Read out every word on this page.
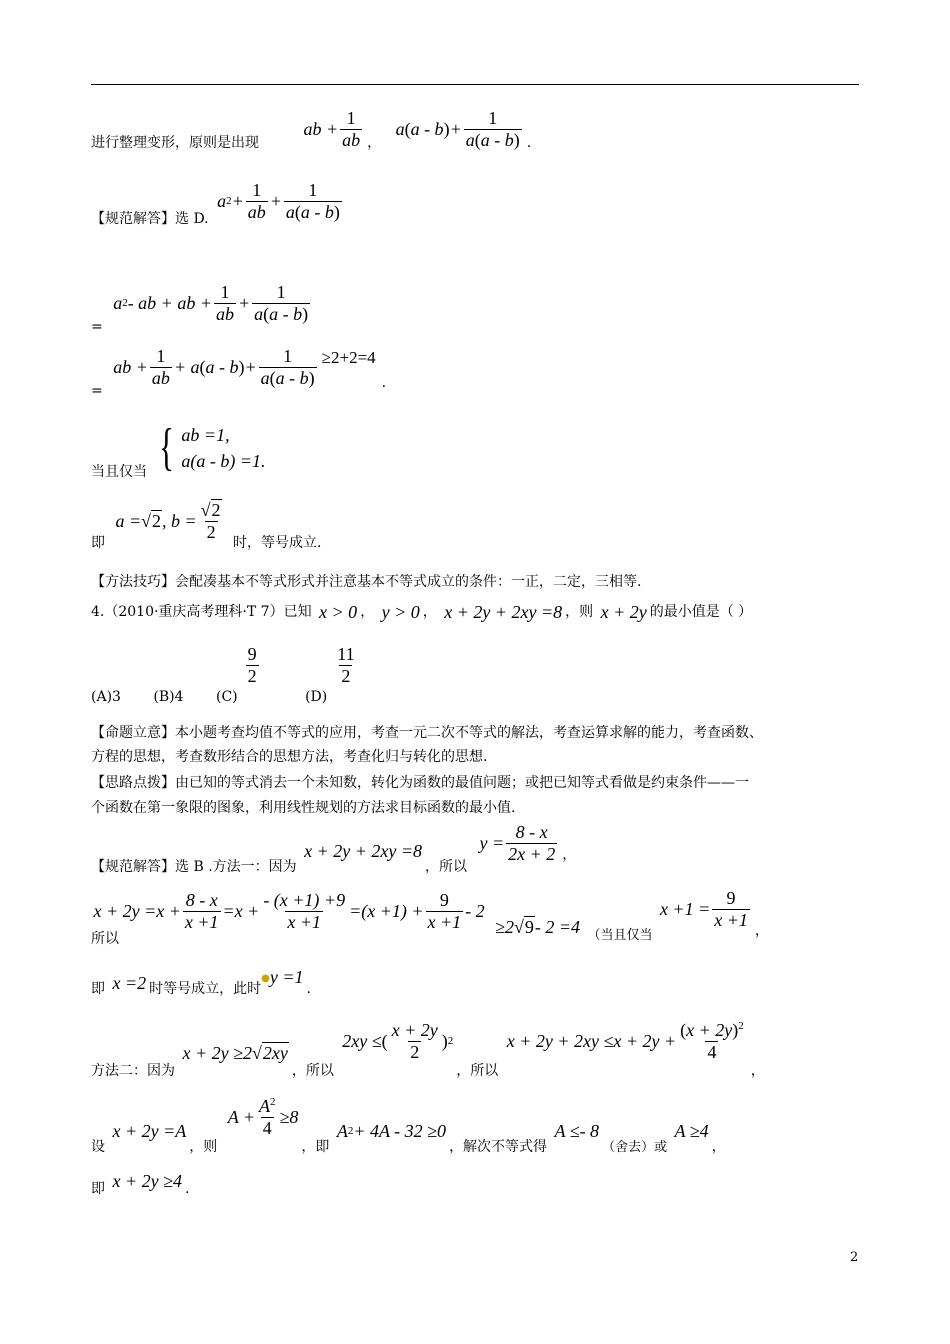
进行整理变形，原则是出现 ab +
1
ab ， a ( a - b ) +
1
a(a - b) .
【规范解答】选 D. a 2 +
1
ab
+
1
a(a - b)
= a 2 - ab + ab +
1
ab
+
1
a(a - b)
= ab +
1
ab
+ a ( a - b ) +
1
a(a - b)
≥2+2=4.
当且仅当 { ab =1,
a(a - b) =1.
即 a = √ 2 , b =
√2
2
时，等号成立.
【方法技巧】会配凑基本不等式形式并注意基本不等式成立的条件：一正，二定，三相等.
4.（2010·重庆高考理科·T 7）已知 x > 0 ， y > 0 ， x + 2y + 2xy =8 ，则 x + 2y 的最小值是（ ）
(A)3 (B)4 (C)
$\frac{9}{2}$
(D)
$\frac{11}{2}$
【命题立意】本小题考查均值不等式的应用，考查一元二次不等式的解法，考查运算求解的能力，考查函数、
方程的思想，考查数形结合的思想方法，考查化归与转化的思想.
【思路点拨】由已知的等式消去一个未知数，转化为函数的最值问题；或把已知等式看做是约束条件——一
个函数在第一象限的图象，利用线性规划的方法求目标函数的最小值.
【规范解答】选 B .方法一：因为 x + 2y + 2xy =8，所以 y =
8 - x
2x + 2 ，
所以 x + 2y =x +
8 - x
x +1
=x +
- (x +1) +9
x +1
=(x +1) +
9
x +1
- 2 ≥2 √ 9 - 2 =4 （当且仅当 x +1 =
9
x +1
，
即 x =2 时等号成立，此时●y =1.
方法二：因为 x + 2y ≥2 √ 2xy
，所以 2xy ≤ (
x + 2y
2
) 2
，所以 x + 2y + 2xy ≤x + 2y +
$(x + 2y)^2$
4
，
设 x + 2y =A，则 A +
$A^2$
4
≥8，即 A 2 + 4A - 32 ≥0，解次不等式得 A ≤- 8（舍去）或 A ≥4，
即 x + 2y ≥4 .
2
